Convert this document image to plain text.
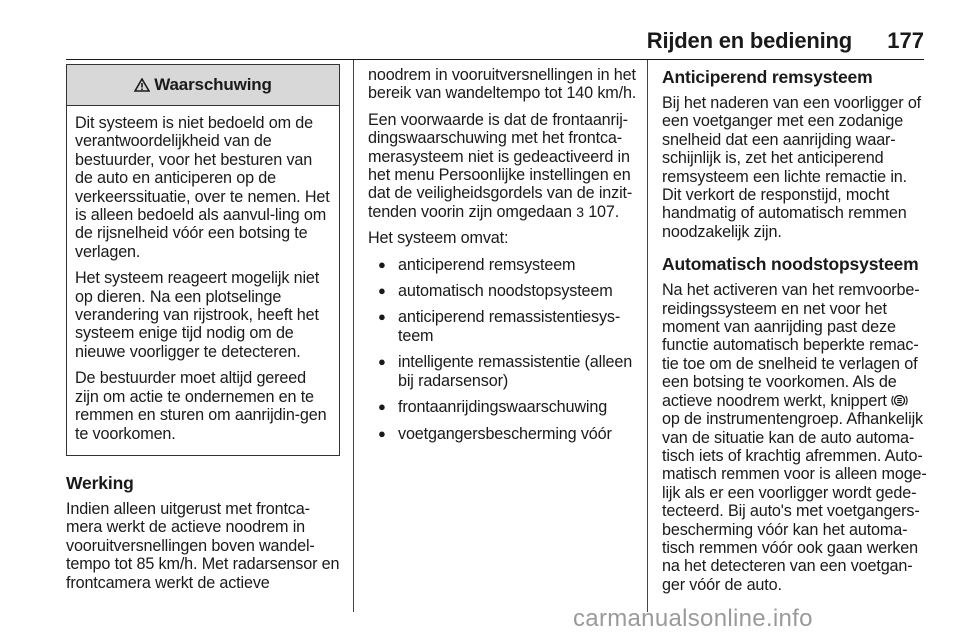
Rijden en bediening 177
Waarschuwing

Dit systeem is niet bedoeld om de verantwoordelijkheid van de bestuurder, voor het besturen van de auto en anticiperen op de verkeerssituatie, over te nemen. Het is alleen bedoeld als aanvul-ling om de rijsnelheid vóór een botsing te verlagen.

Het systeem reageert mogelijk niet op dieren. Na een plotselinge verandering van rijstrook, heeft het systeem enige tijd nodig om de nieuwe voorligger te detecteren.

De bestuurder moet altijd gereed zijn om actie te ondernemen en te remmen en sturen om aanrijdin-gen te voorkomen.

Werking

Indien alleen uitgerust met frontca-mera werkt de actieve noodrem in vooruitversnellingen boven wandel-tempo tot 85 km/h. Met radarsensor en frontcamera werkt de actieve

noodrem in vooruitversnellingen in het bereik van wandeltempo tot 140 km/h.

Een voorwaarde is dat de frontaanrij-dingswaarschuwing met het frontca-merasysteem niet is gedeactiveerd in het menu Persoonlijke instellingen en dat de veiligheidsgordels van de inzit-tenden voorin zijn omgedaan 3 107.

Het systeem omvat:

● anticiperend remsysteem
● automatisch noodstopsysteem
● anticiperend remassistentiesys-teem
● intelligente remassistentie (alleen bij radarsensor)
● frontaanrijdingswaarschuwing
● voetgangersbescherming vóór
Anticiperend remsysteem

Bij het naderen van een voorligger of een voetganger met een zodanige snelheid dat een aanrijding waar-schijnlijk is, zet het anticiperend remsysteem een lichte remactie in. Dit verkort de responstijd, mocht handmatig of automatisch remmen noodzakelijk zijn.

Automatisch noodstopsysteem

Na het activeren van het remvoorbe-reidingssysteem en net voor het moment van aanrijding past deze functie automatisch beperkte remac-tie toe om de snelheid te verlagen of een botsing te voorkomen. Als de actieve noodrem werkt, knippert  op de instrumentengroep. Afhankelijk van de situatie kan de auto automa-tisch iets of krachtig afremmen. Auto-matisch remmen voor is alleen moge-lijk als er een voorligger wordt gede-tecteerd. Bij auto's met voetgangers-bescherming vóór kan het automa-tisch remmen vóór ook gaan werken na het detecteren van een voetgan-ger vóór de auto.

carmanualsonline.info
